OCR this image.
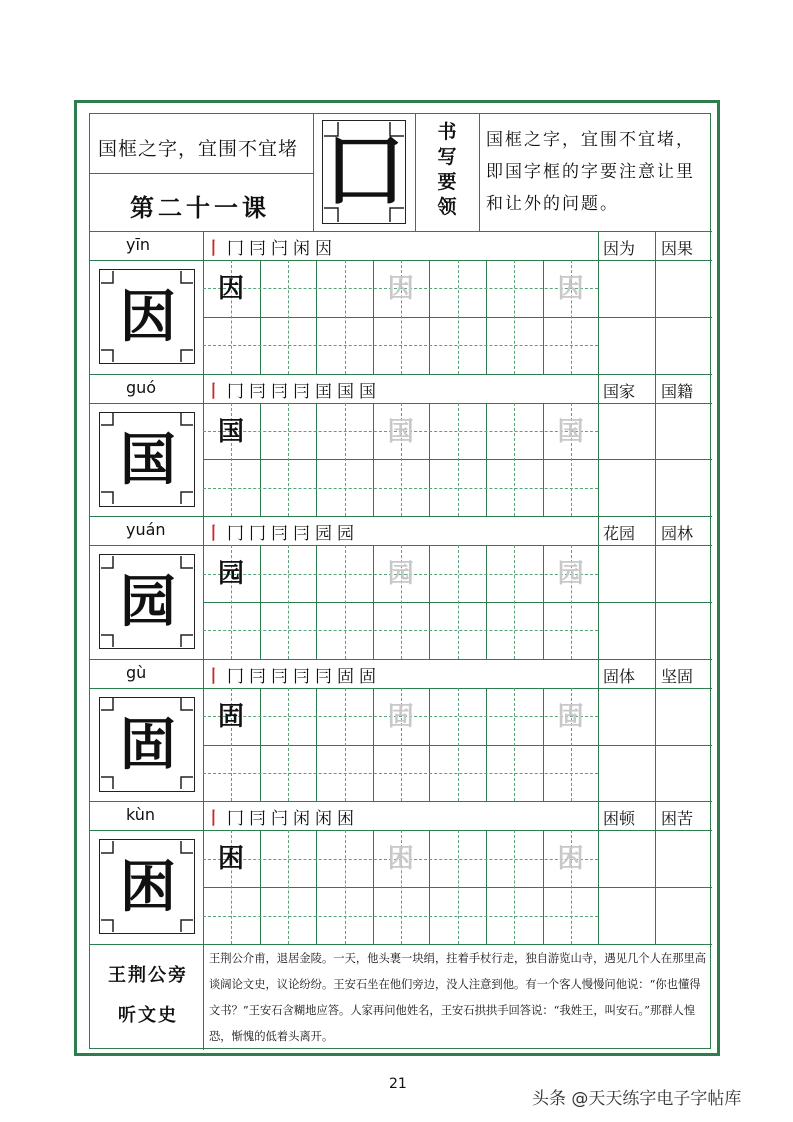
国框之字，宜围不宜堵
第二十一课 囗 书写要领
国框之字，宜围不宜堵，即国字框的字要注意让里和让外的问题。
yīn	丨冂冃闩闲因	因为 因果
因	因	因	因
guó	丨冂冃冃冃囯国国	国家 国籍
国	国	国	国
yuán 丨冂冂冃冃园园	花园 园林
园	园	园	园
gù	丨冂冃冃冃冃固固	固体 坚固
固	固	固	固
kùn	丨冂冃闩闲闲困	困顿 困苦
困	困	困	困
王荆公旁
听文史
王荆公介甫，退居金陵。一天，他头裹一块绢，拄着手杖行走，独自游览山寺，遇见几个人在那里高谈阔论文史，议论纷纷。王安石坐在他们旁边，没人注意到他。有一个客人慢慢问他说：“你也懂得文书？”王安石含糊地应答。人家再问他姓名，王安石拱拱手回答说：“我姓王，叫安石。”那群人惶恐，惭愧的低着头离开。
21
头条 @天天练字电子字帖库
